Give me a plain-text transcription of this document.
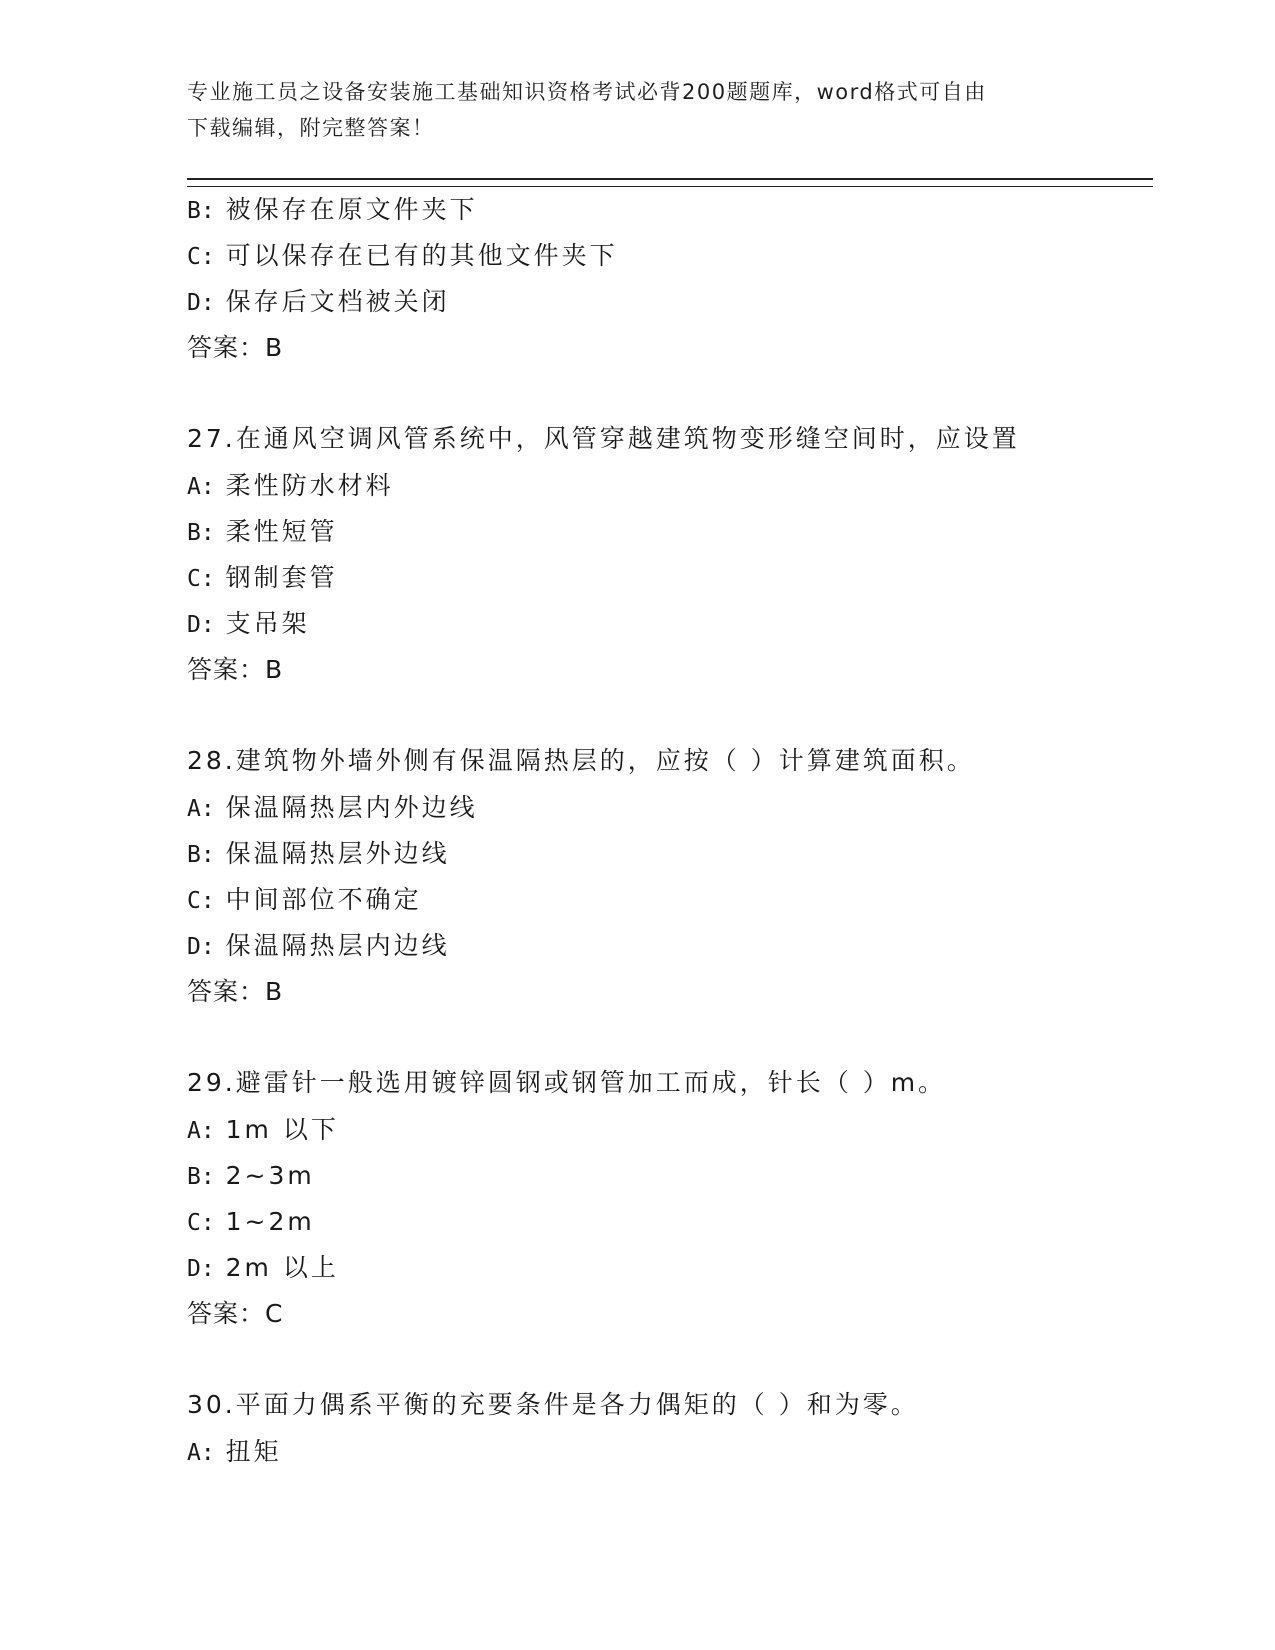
专业施工员之设备安装施工基础知识资格考试必背200题题库，word格式可自由
下载编辑，附完整答案！
B: 被保存在原文件夹下
C: 可以保存在已有的其他文件夹下
D: 保存后文档被关闭
答案：B
27.在通风空调风管系统中，风管穿越建筑物变形缝空间时，应设置
A: 柔性防水材料
B: 柔性短管
C: 钢制套管
D: 支吊架
答案：B
28.建筑物外墙外侧有保温隔热层的，应按（ ）计算建筑面积。
A: 保温隔热层内外边线
B: 保温隔热层外边线
C: 中间部位不确定
D: 保温隔热层内边线
答案：B
29.避雷针一般选用镀锌圆钢或钢管加工而成，针长（ ）m。
A: 1m 以下
B: 2~3m
C: 1~2m
D: 2m 以上
答案：C
30.平面力偶系平衡的充要条件是各力偶矩的（ ）和为零。
A: 扭矩
